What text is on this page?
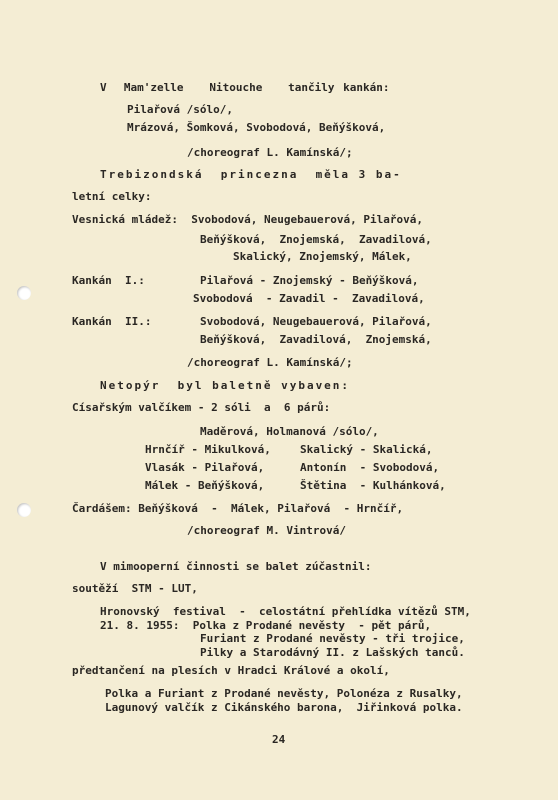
V  Mam'zelle   Nitouche   tančily kankán:
Pilařová /sólo/,
Mrázová, Šomková, Svobodová, Beňýšková,
/choreograf L. Kamínská/;
Trebizondská  princezna  měla 3 ba-
letní celky:
Vesnická mládež:  Svobodová, Neugebauerová, Pilařová,
Beňýšková,  Znojemská,  Zavadilová,
Skalický, Znojemský, Málek,
Kankán  I.:	Pilařová - Znojemský - Beňýšková,
Svobodová  - Zavadil -  Zavadilová,
Kankán  II.:	Svobodová, Neugebauerová, Pilařová,
Beňýšková,  Zavadilová,  Znojemská,
/choreograf L. Kamínská/;
Netopýr  byl baletně vybaven:
Císařským valčíkem - 2 sóli  a  6 párů:
Maděrová, Holmanová /sólo/,
Hrnčíř - Mikulková,	Skalický - Skalická,
Vlasák - Pilařová,	Antonín  - Svobodová,
Málek - Beňýšková,	Štětina  - Kulhánková,
Čardášem: Beňýšková  -  Málek, Pilařová  - Hrnčíř,
/choreograf M. Vintrová/
V mimooperní činnosti se balet zúčastnil:
soutěží  STM - LUT,
Hronovský  festival  -  celostátní přehlídka vítězů STM,
21. 8. 1955:  Polka z Prodané nevěsty  - pět párů,
Furiant z Prodané nevěsty - tři trojice,
Pilky a Starodávný II. z Lašských tanců.
předtančení na plesích v Hradci Králové a okolí,
Polka a Furiant z Prodané nevěsty, Polonéza z Rusalky,
Lagunový valčík z Cikánského barona,  Jiřinková polka.
24
